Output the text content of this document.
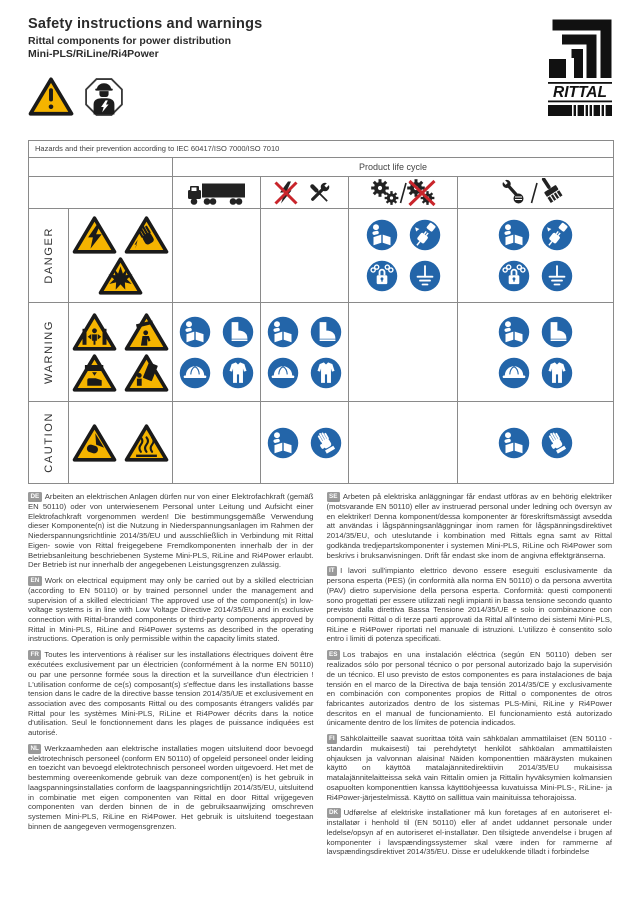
Safety instructions and warnings

Rittal components for power distribution

Mini-PLS/RiLine/Ri4Power

RITTAL
Hazards and their prevention according to IEC 60417/ISO 7000/ISO 7010
Product life cycle
DANGER
WARNING
CAUTION

DE Arbeiten an elektrischen Anlagen dürfen nur von einer Elektrofachkraft (gemäß EN 50110) oder von unterwiesenem Personal unter Leitung und Aufsicht einer Elektrofachkraft vorgenommen werden! Die bestimmungsgemäße Verwendung dieser Komponente(n) ist die Nutzung in Niederspannungsanlagen im Rahmen der Niederspannungsrichtlinie 2014/35/EU und ausschließlich in Verbindung mit Rittal Eigen- sowie von Rittal freigegebene Fremdkomponenten innerhalb der in der Betriebsanleitung beschriebenen Systeme Mini-PLS, RiLine and Ri4Power erlaubt. Der Betrieb ist nur innerhalb der angegebenen Leistungsgrenzen zulässig.

EN Work on electrical equipment may only be carried out by a skilled electrician (according to EN 50110) or by trained personnel under the management and supervision of a skilled electrician! The approved use of the component(s) in low-voltage systems is in line with Low Voltage Directive 2014/35/EU and in exclusive connection with Rittal-branded components or third-party components approved by Rittal in Mini-PLS, RiLine and Ri4Power systems as described in the operating instructions. Operation is only permissible within the capacity limits stated.

FR Toutes les interventions à réaliser sur les installations électriques doivent être exécutées exclusivement par un électricien (conformément à la norme EN 50110) ou par une personne formée sous la direction et la surveillance d'un électricien ! L'utilisation conforme de ce(s) composant(s) s'effectue dans les installations basse tension dans le cadre de la directive basse tension 2014/35/UE et exclusivement en association avec des composants Rittal ou des composants étrangers validés par Rittal pour les systèmes Mini-PLS, RiLine et Ri4Power décrits dans la notice d'utilisation. Seul le fonctionnement dans les plages de puissance indiquées est autorisé.

NL Werkzaamheden aan elektrische installaties mogen uitsluitend door bevoegd elektrotechnisch personeel (conform EN 50110) of opgeleid personeel onder leiding en toezicht van bevoegd elektrotechnisch personeel worden uitgevoerd. Het met de bestemming overeenkomende gebruik van deze component(en) is het gebruik in laagspanningsinstallaties conform de laagspanningsrichtlijn 2014/35/EU, uitsluitend in combinatie met eigen componenten van Rittal en door Rittal vrijgegeven componenten van derden binnen de in de gebruiksaanwijzing omschreven systemen Mini-PLS, RiLine en Ri4Power. Het gebruik is uitsluitend toegestaan binnen de aangegeven vermogensgrenzen.

SE Arbeten på elektriska anläggningar får endast utföras av en behörig elektriker (motsvarande EN 50110) eller av instruerad personal under ledning och översyn av en elektriker! Denna komponent/dessa komponenter är föreskriftsmässigt avsedda att användas i lågspänningsanläggningar inom ramen för lågspänningsdirektivet 2014/35/EU, och uteslutande i kombination med Rittals egna samt av Rittal godkända tredjepartskomponenter i systemen Mini-PLS, RiLine och Ri4Power som beskrivs i bruksanvisningen. Drift får endast ske inom de angivna effektgränserna.

IT I lavori sull'impianto elettrico devono essere eseguiti esclusivamente da persona esperta (PES) (in conformità alla norma EN 50110) o da persona avvertita (PAV) dietro supervisione della persona esperta. Conformità: questi componenti sono progettati per essere utilizzati negli impianti in bassa tensione secondo quanto previsto dalla direttiva Bassa Tensione 2014/35/UE e solo in combinazione con componenti Rittal o di terze parti approvati da Rittal all'interno dei sistemi Mini-PLS, RiLine e Ri4Power riportati nel manuale di istruzioni. L'utilizzo è consentito solo entro i limiti di potenza specificati.

ES Los trabajos en una instalación eléctrica (según EN 50110) deben ser realizados sólo por personal técnico o por personal autorizado bajo la supervisión de un técnico. El uso previsto de estos componentes es para instalaciones de baja tensión en el marco de la Directiva de baja tensión 2014/35/CE y exclusivamente en combinación con componentes propios de Rittal o componentes de otros fabricantes autorizados dentro de los sistemas PLS-Mini, RiLine y Ri4Power descritos en el manual de funcionamiento. El funcionamiento está autorizado únicamente dentro de los límites de potencia indicados.

FI Sähkölaitteille saavat suorittaa töitä vain sähköalan ammattilaiset (EN 50110 -standardin mukaisesti) tai perehdytetyt henkilöt sähköalan ammattilaisten ohjauksen ja valvonnan alaisina! Näiden komponenttien määräysten mukainen käyttö on käyttöä matalajännitedirektiivin 2014/35/EU mukaisissa matalajännitelaitteissa sekä vain Rittalin omien ja Rittalin hyväksymien kolmansien osapuolten komponenttien kanssa käyttöohjeessa kuvatuissa Mini-PLS-, RiLine- ja Ri4Power-järjestelmissä. Käyttö on sallittua vain mainituissa tehorajoissa.

DK Udførelse af elektriske installationer må kun foretages af en autoriseret el-installatør i henhold til (EN 50110) eller af andet uddannet personale under ledelse/opsyn af en autoriseret el-installatør. Den tilsigtede anvendelse i brugen af komponenter i lavspændingssystemer skal være inden for rammerne af lavspændingsdirektivet 2014/35/EU. Disse er udelukkende tilladt i forbindelse
